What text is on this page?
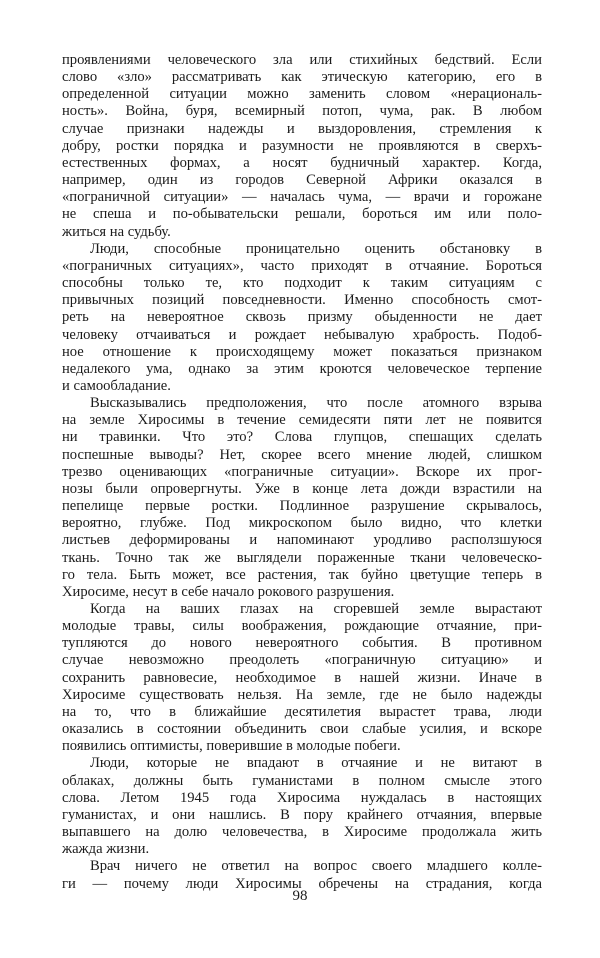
проявлениями человеческого зла или стихийных бедствий. Если
слово «зло» рассматривать как этическую категорию, его в
определенной ситуации можно заменить словом «нерациональ-
ность». Война, буря, всемирный потоп, чума, рак. В любом
случае признаки надежды и выздоровления, стремления к
добру, ростки порядка и разумности не проявляются в сверхъ-
естественных формах, а носят будничный характер. Когда,
например, один из городов Северной Африки оказался в
«пограничной ситуации» — началась чума, — врачи и горожане
не спеша и по-обывательски решали, бороться им или поло-
житься на судьбу.

Люди, способные проницательно оценить обстановку в
«пограничных ситуациях», часто приходят в отчаяние. Бороться
способны только те, кто подходит к таким ситуациям с
привычных позиций повседневности. Именно способность смот-
реть на невероятное сквозь призму обыденности не дает
человеку отчаиваться и рождает небывалую храбрость. Подоб-
ное отношение к происходящему может показаться признаком
недалекого ума, однако за этим кроются человеческое терпение
и самообладание.

Высказывались предположения, что после атомного взрыва
на земле Хиросимы в течение семидесяти пяти лет не появится
ни травинки. Что это? Слова глупцов, спешащих сделать
поспешные выводы? Нет, скорее всего мнение людей, слишком
трезво оценивающих «пограничные ситуации». Вскоре их прог-
нозы были опровергнуты. Уже в конце лета дожди взрастили на
пепелище первые ростки. Подлинное разрушение скрывалось,
вероятно, глубже. Под микроскопом было видно, что клетки
листьев деформированы и напоминают уродливо расползшуюся
ткань. Точно так же выглядели пораженные ткани человеческо-
го тела. Быть может, все растения, так буйно цветущие теперь в
Хиросиме, несут в себе начало рокового разрушения.

Когда на ваших глазах на сгоревшей земле вырастают
молодые травы, силы воображения, рождающие отчаяние, при-
тупляются до нового невероятного события. В противном
случае невозможно преодолеть «пограничную ситуацию» и
сохранить равновесие, необходимое в нашей жизни. Иначе в
Хиросиме существовать нельзя. На земле, где не было надежды
на то, что в ближайшие десятилетия вырастет трава, люди
оказались в состоянии объединить свои слабые усилия, и вскоре
появились оптимисты, поверившие в молодые побеги.

Люди, которые не впадают в отчаяние и не витают в
облаках, должны быть гуманистами в полном смысле этого
слова. Летом 1945 года Хиросима нуждалась в настоящих
гуманистах, и они нашлись. В пору крайнего отчаяния, впервые
выпавшего на долю человечества, в Хиросиме продолжала жить
жажда жизни.

Врач ничего не ответил на вопрос своего младшего колле-
ги — почему люди Хиросимы обречены на страдания, когда

98
